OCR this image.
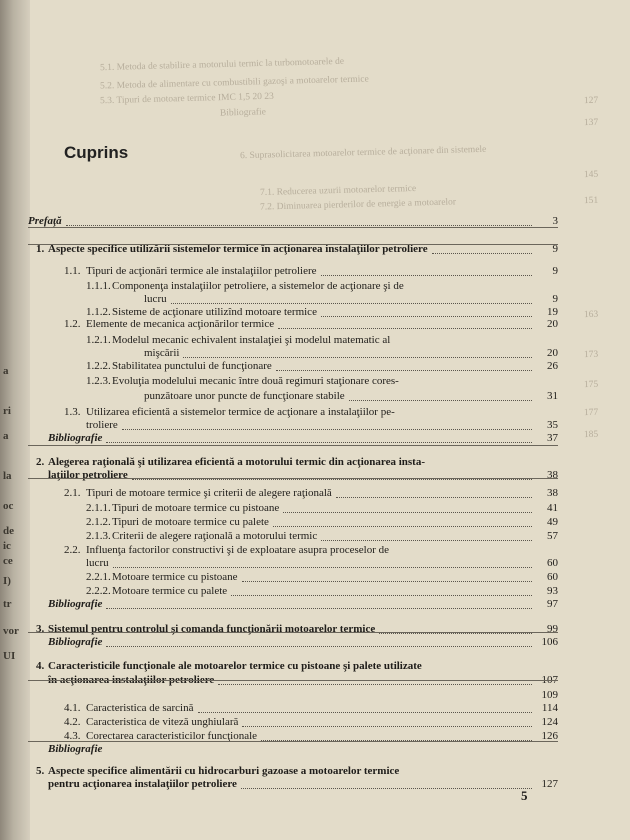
a
ri
a
la
oc
de
ic
ce
I)
tr
vor
UI
5.1. Metoda de stabilire a motorului termic la turbomotoarele de
5.2. Metoda de alimentare cu combustibili gazoşi a motoarelor termice
5.3. Tipuri de motoare termice IMC 1,5 20 23
Bibliografie
6. Suprasolicitarea motoarelor termice de acţionare din sistemele
7.1. Reducerea uzurii motoarelor termice
7.2. Diminuarea pierderilor de energie a motoarelor
127
137
145
151
163
173
175
177
185
Cuprins
Prefaţă	3
1. Aspecte specifice utilizării sistemelor termice în acţionarea instalaţiilor petroliere	9
1.1. Tipuri de acţionări termice ale instalaţiilor petroliere	9
1.1.1. Componenţa instalaţiilor petroliere, a sistemelor de acţionare şi de
lucru	9
1.1.2. Sisteme de acţionare utilizînd motoare termice	19
1.2. Elemente de mecanica acţionărilor termice	20
1.2.1. Modelul mecanic echivalent instalaţiei şi modelul matematic al
mişcării	20
1.2.2. Stabilitatea punctului de funcţionare	26
1.2.3. Evoluţia modelului mecanic între două regimuri staţionare cores-
punzătoare unor puncte de funcţionare stabile	31
1.3. Utilizarea eficientă a sistemelor termice de acţionare a instalaţiilor pe-
troliere	35
Bibliografie	37
2. Alegerea raţională şi utilizarea eficientă a motorului termic din acţionarea insta-
laţiilor petroliere	38
2.1. Tipuri de motoare termice şi criterii de alegere raţională	38
2.1.1. Tipuri de motoare termice cu pistoane	41
2.1.2. Tipuri de motoare termice cu palete	49
2.1.3. Criterii de alegere raţională a motorului termic	57
2.2. Influenţa factorilor constructivi şi de exploatare asupra proceselor de
lucru	60
2.2.1. Motoare termice cu pistoane	60
2.2.2. Motoare termice cu palete	93
Bibliografie	97
3. Sistemul pentru controlul şi comanda funcţionării motoarelor termice	99
Bibliografie	106
4. Caracteristicile funcţionale ale motoarelor termice cu pistoane şi palete utilizate
în acţionarea instalaţiilor petroliere	107
109
4.1. Caracteristica de sarcină	114
4.2. Caracteristica de viteză unghiulară	124
4.3. Corectarea caracteristicilor funcţionale	126
Bibliografie
5. Aspecte specifice alimentării cu hidrocarburi gazoase a motoarelor termice
pentru acţionarea instalaţiilor petroliere	127
5
